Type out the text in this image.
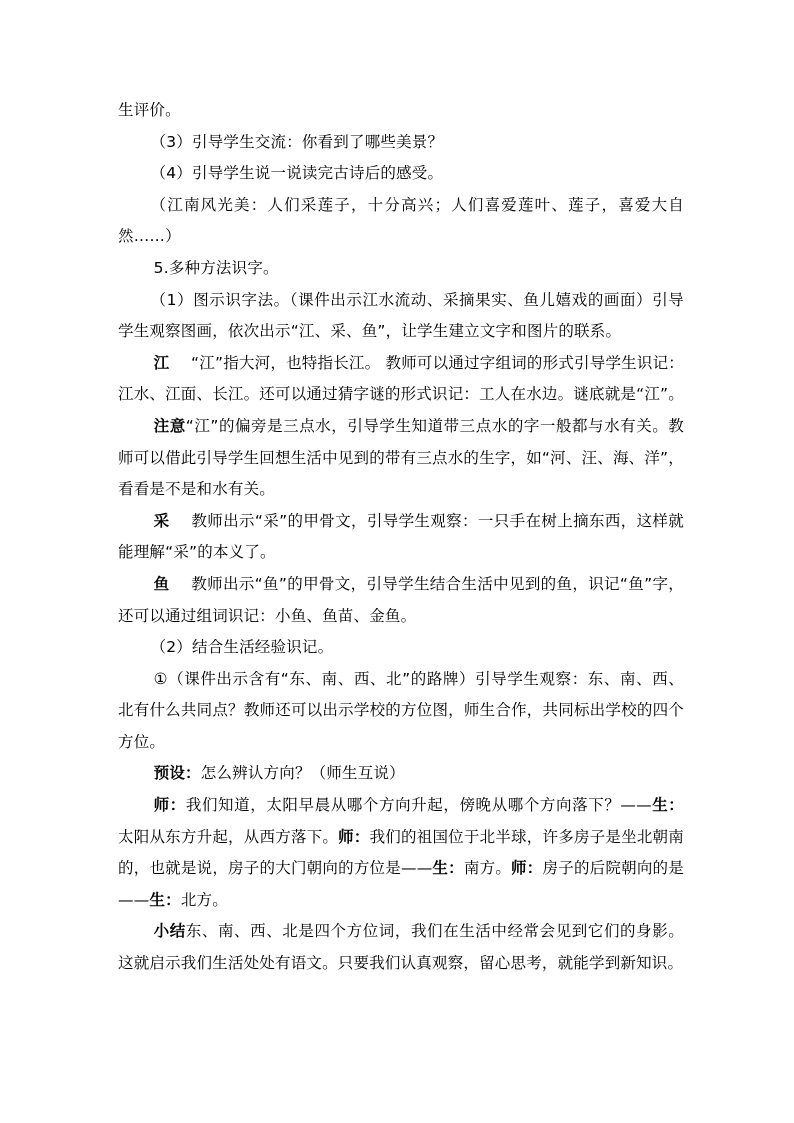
生评价。

（3）引导学生交流：你看到了哪些美景？

（4）引导学生说一说读完古诗后的感受。

（江南风光美：人们采莲子，十分高兴；人们喜爱莲叶、莲子，喜爱大自然……）

5.多种方法识字。

（1）图示识字法。（课件出示江水流动、采摘果实、鱼儿嬉戏的画面）引导学生观察图画，依次出示“江、采、鱼”，让学生建立文字和图片的联系。

江 “江”指大河，也特指长江。 教师可以通过字组词的形式引导学生识记：江水、江面、长江。还可以通过猜字谜的形式识记：工人在水边。谜底就是“江”。

注意“江”的偏旁是三点水，引导学生知道带三点水的字一般都与水有关。教师可以借此引导学生回想生活中见到的带有三点水的生字，如“河、汪、海、洋”，看看是不是和水有关。

采 教师出示“采”的甲骨文，引导学生观察：一只手在树上摘东西，这样就能理解“采”的本义了。

鱼 教师出示“鱼”的甲骨文，引导学生结合生活中见到的鱼，识记“鱼”字，还可以通过组词识记：小鱼、鱼苗、金鱼。

（2）结合生活经验识记。

①（课件出示含有“东、南、西、北”的路牌）引导学生观察：东、南、西、北有什么共同点？教师还可以出示学校的方位图，师生合作，共同标出学校的四个方位。

预设：怎么辨认方向？（师生互说）

师：我们知道，太阳早晨从哪个方向升起，傍晚从哪个方向落下？——生：太阳从东方升起，从西方落下。师：我们的祖国位于北半球，许多房子是坐北朝南的，也就是说，房子的大门朝向的方位是——生：南方。师：房子的后院朝向的是——生：北方。

小结东、南、西、北是四个方位词，我们在生活中经常会见到它们的身影。这就启示我们生活处处有语文。只要我们认真观察，留心思考，就能学到新知识。
